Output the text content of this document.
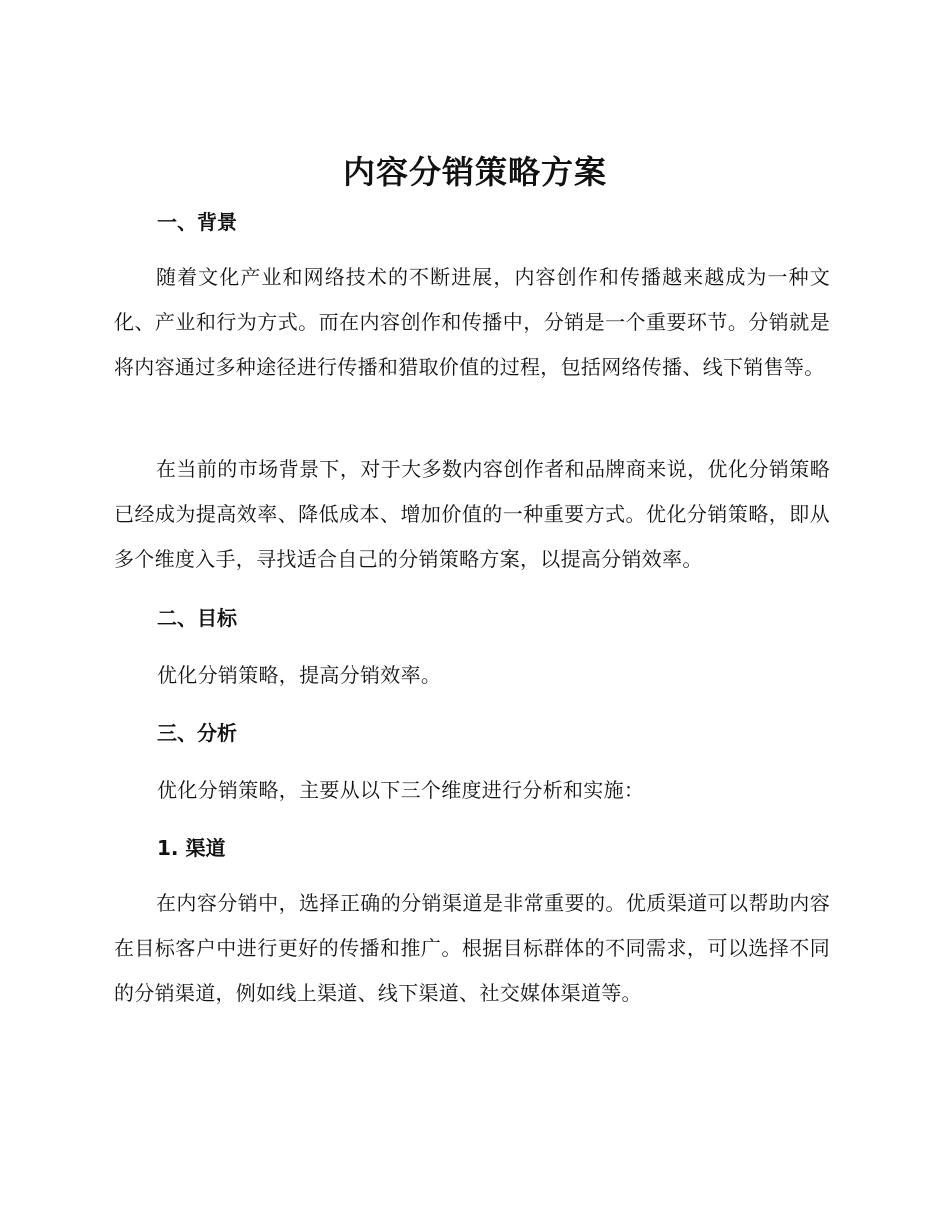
内容分销策略方案
一、背景

随着文化产业和网络技术的不断进展，内容创作和传播越来越成为一种文化、产业和行为方式。而在内容创作和传播中，分销是一个重要环节。分销就是将内容通过多种途径进行传播和猎取价值的过程，包括网络传播、线下销售等。

在当前的市场背景下，对于大多数内容创作者和品牌商来说，优化分销策略已经成为提高效率、降低成本、增加价值的一种重要方式。优化分销策略，即从多个维度入手，寻找适合自己的分销策略方案，以提高分销效率。

二、目标

优化分销策略，提高分销效率。

三、分析

优化分销策略，主要从以下三个维度进行分析和实施：

1. 渠道

在内容分销中，选择正确的分销渠道是非常重要的。优质渠道可以帮助内容在目标客户中进行更好的传播和推广。根据目标群体的不同需求，可以选择不同的分销渠道，例如线上渠道、线下渠道、社交媒体渠道等。
